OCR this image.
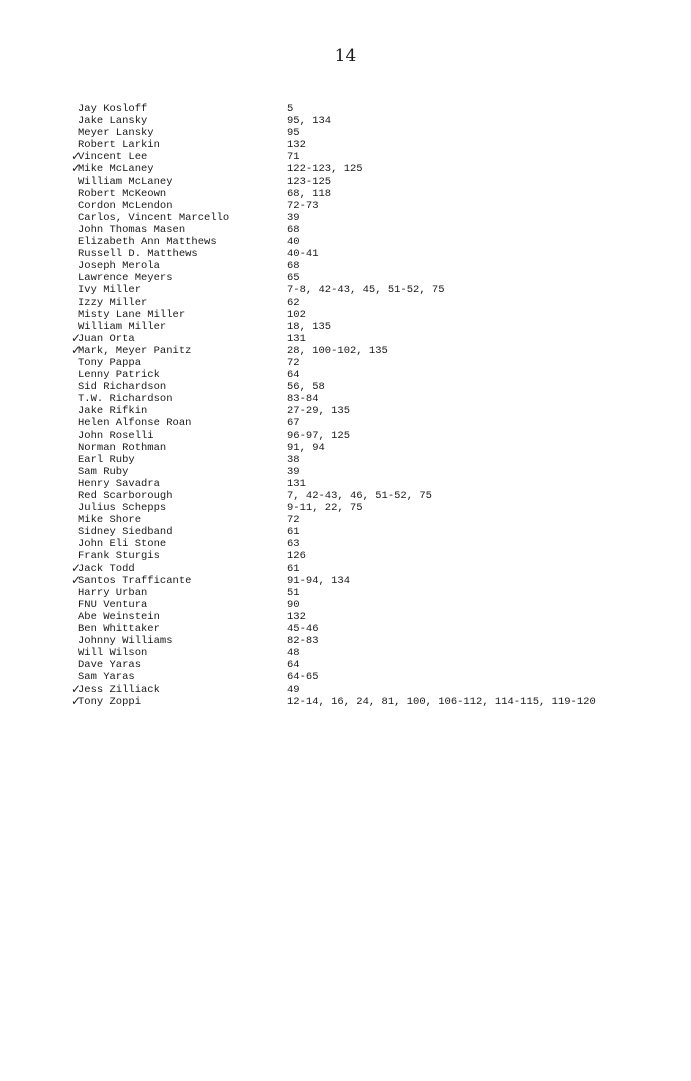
14
Jay Kosloff	5
Jake Lansky	95, 134
Meyer Lansky	95
Robert Larkin	132
✓
Vincent Lee	71
✓
Mike McLaney	122-123, 125
William McLaney	123-125
Robert McKeown	68, 118
Cordon McLendon	72-73
Carlos, Vincent Marcello	39
John Thomas Masen	68
Elizabeth Ann Matthews	40
Russell D. Matthews	40-41
Joseph Merola	68
Lawrence Meyers	65
Ivy Miller	7-8, 42-43, 45, 51-52, 75
Izzy Miller	62
Misty Lane Miller	102
William Miller	18, 135
✓
Juan Orta	131
✓
Mark, Meyer Panitz	28, 100-102, 135
Tony Pappa	72
Lenny Patrick	64
Sid Richardson	56, 58
T.W. Richardson	83-84
Jake Rifkin	27-29, 135
Helen Alfonse Roan	67
John Roselli	96-97, 125
Norman Rothman	91, 94
Earl Ruby	38
Sam Ruby	39
Henry Savadra	131
Red Scarborough	7, 42-43, 46, 51-52, 75
Julius Schepps	9-11, 22, 75
Mike Shore	72
Sidney Siedband	61
John Eli Stone	63
Frank Sturgis	126
✓
Jack Todd	61
✓
Santos Trafficante	91-94, 134
Harry Urban	51
FNU Ventura	90
Abe Weinstein	132
Ben Whittaker	45-46
Johnny Williams	82-83
Will Wilson	48
Dave Yaras	64
Sam Yaras	64-65
✓
Jess Zilliack	49
✓
Tony Zoppi	12-14, 16, 24, 81, 100, 106-112, 114-115, 119-120
